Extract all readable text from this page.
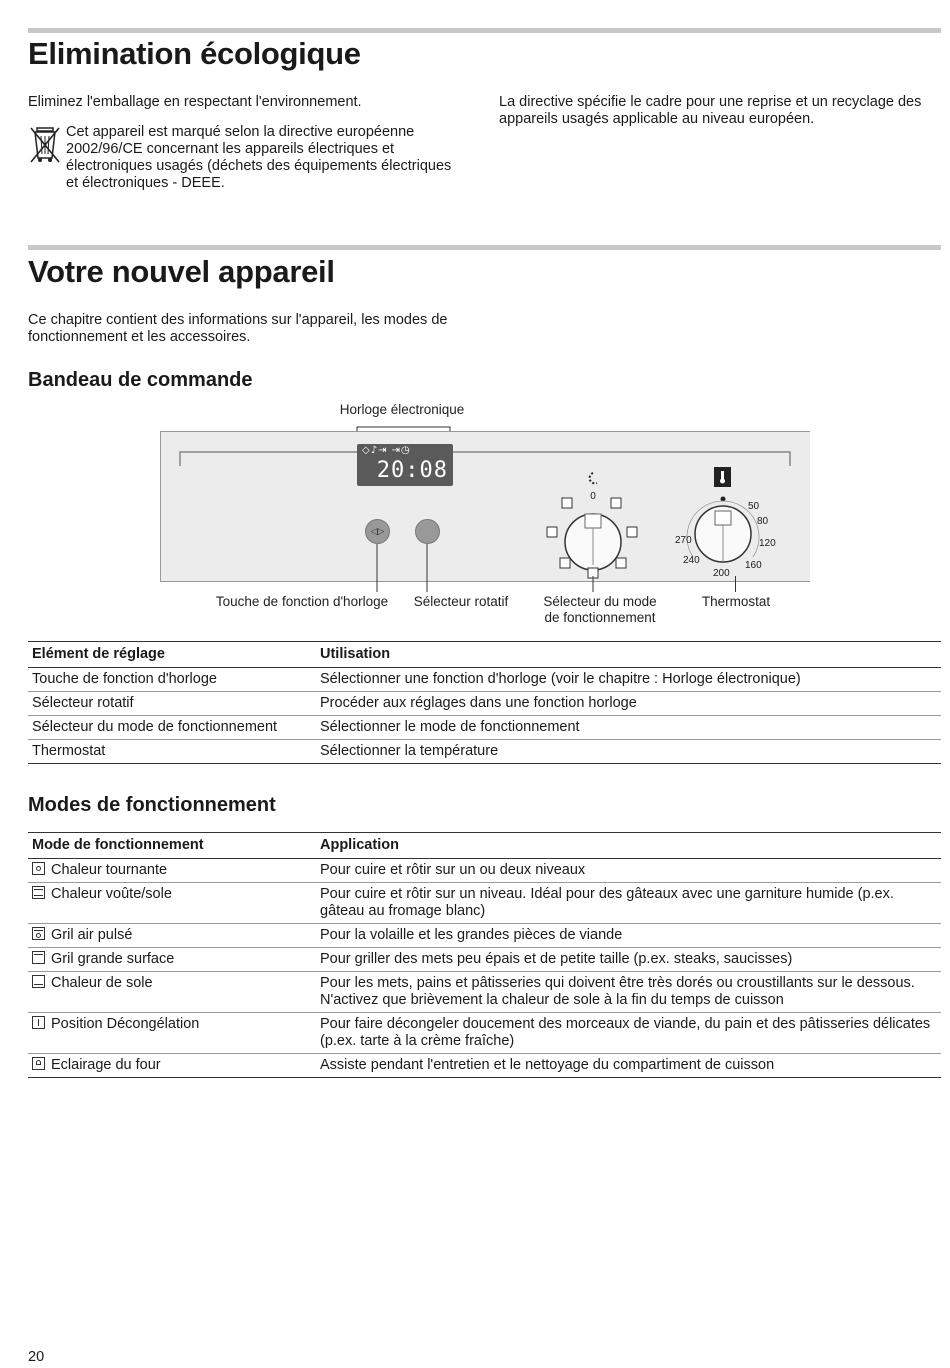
Elimination écologique
Eliminez l'emballage en respectant l'environnement.
Cet appareil est marqué selon la directive européenne 2002/96/CE concernant les appareils électriques et électroniques usagés (déchets des équipements électriques et électroniques - DEEE.
La directive spécifie le cadre pour une reprise et un recyclage des appareils usagés applicable au niveau européen.
Votre nouvel appareil
Ce chapitre contient des informations sur l'appareil, les modes de fonctionnement et les accessoires.
Bandeau de commande
Horloge électronique
◇♪⇥ ⇥◷
20:08
◁▷
0
50
80
120
160
200
240
270
Touche de fonction d'horloge	Sélecteur rotatif	Sélecteur du mode de fonctionnement
Thermostat
Elément de réglage	Utilisation
Touche de fonction d'horloge	Sélectionner une fonction d'horloge (voir le chapitre : Horloge électronique)
Sélecteur rotatif	Procéder aux réglages dans une fonction horloge
Sélecteur du mode de fonctionnement	Sélectionner le mode de fonctionnement
Thermostat	Sélectionner la température
Modes de fonctionnement
Mode de fonctionnement	Application

Chaleur tournante	Pour cuire et rôtir sur un ou deux niveaux

Chaleur voûte/sole	Pour cuire et rôtir sur un niveau. Idéal pour des gâteaux avec une garniture humide (p.ex. gâteau au fromage blanc)

Gril air pulsé	Pour la volaille et les grandes pièces de viande

Gril grande surface	Pour griller des mets peu épais et de petite taille (p.ex. steaks, saucisses)

Chaleur de sole	Pour les mets, pains et pâtisseries qui doivent être très dorés ou croustillants sur le dessous. N'activez que brièvement la chaleur de sole à la fin du temps de cuisson

Position Décongélation	Pour faire décongeler doucement des morceaux de viande, du pain et des pâtisseries délicates (p.ex. tarte à la crème fraîche)

Eclairage du four	Assiste pendant l'entretien et le nettoyage du compartiment de cuisson
20
